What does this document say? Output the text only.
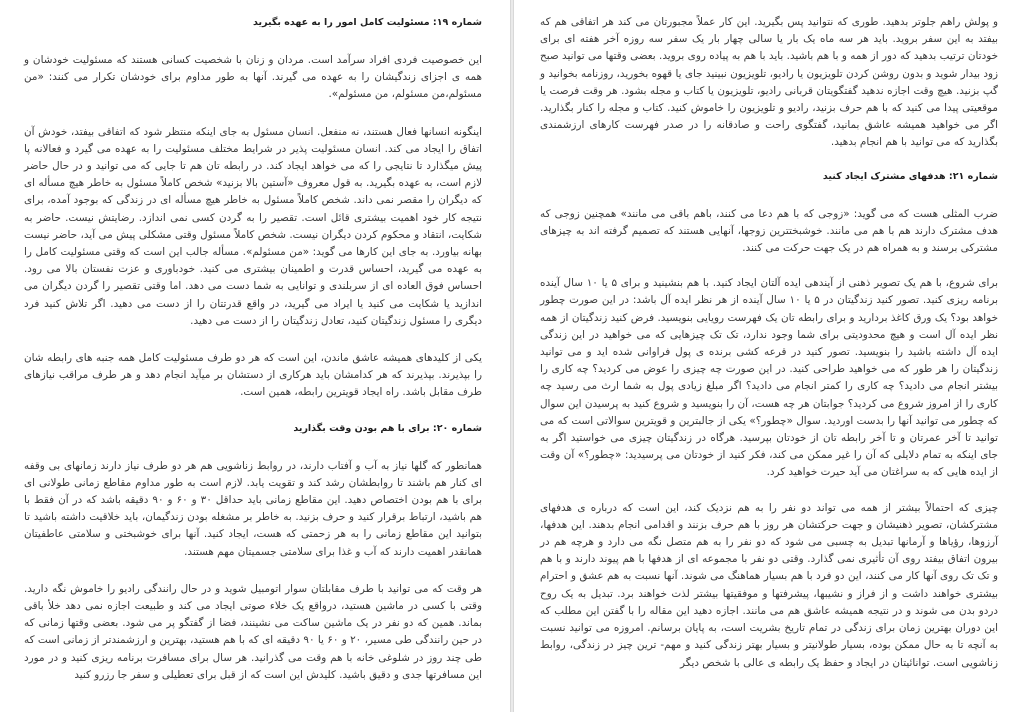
شماره ۱۹: مسئولیت کامل امور را به عهده بگیرید

این خصوصیت فردی افراد سرآمد است. مردان و زنان با شخصیت کسانی هستند که مسئولیت خودشان و همه ی اجزای زندگیشان را به عهده می گیرند. آنها به طور مداوم برای خودشان تکرار می کنند: «من مسئولم،من مسئولم، من مسئولم».

اینگونه انسانها فعال هستند، نه منفعل. انسان مسئول به جای اینکه منتظر شود که اتفاقی بیفتد، خودش آن اتفاق را ایجاد می کند. انسان مسئولیت پذیر در شرایط مختلف مسئولیت را به عهده می گیرد و فعالانه پا پیش میگذارد تا نتایجی را که می خواهد ایجاد کند. در رابطه تان هم تا جایی که می توانید و در حال حاضر لازم است، به عهده بگیرید. به قول معروف «آستین بالا بزنید» شخص کاملاً مسئول به خاطر هیچ مسأله ای که دیگران را مقصر نمی داند. شخص کاملاً مسئول به خاطر هیچ مسأله ای در زندگی که بوجود آمده، برای نتیجه کار خود اهمیت بیشتری قائل است. تقصیر را به گردن کسی نمی اندازد. رضایتش نیست. حاضر به شکایت، انتقاد و محکوم کردن دیگران نیست. شخص کاملاً مسئول وقتی مشکلی پیش می آید، حاضر نیست بهانه بیاورد. به جای این کارها می گوید: «من مسئولم». مسأله جالب این است که وقتی مسئولیت کامل را به عهده می گیرید، احساس قدرت و اطمینان بیشتری می کنید. خودباوری و عزت نفستان بالا می رود. احساس فوق العاده ای از سربلندی و توانایی به شما دست می دهد. اما وقتی تقصیر را گردن دیگران می اندازید یا شکایت می کنید یا ایراد می گیرید، در واقع قدرتتان را از دست می دهید. اگر تلاش کنید فرد دیگری را مسئول زندگیتان کنید، تعادل زندگیتان را از دست می دهید.

یکی از کلیدهای همیشه عاشق ماندن، این است که هر دو طرف مسئولیت کامل همه جنبه های رابطه شان را بپذیرند. بپذیرند که هر کدامشان باید هرکاری از دستشان بر میآید انجام دهد و هر طرف مراقب نیازهای طرف مقابل باشد. راه ایجاد قویترین رابطه، همین است.

شماره ۲۰: برای با هم بودن وقت بگذارید

همانطور که گلها نیاز به آب و آفتاب دارند، در روابط زناشویی هم هر دو طرف نیاز دارند زمانهای بی وقفه ای کنار هم باشند تا روابطشان رشد کند و تقویت یابد. لازم است به طور مداوم مقاطع زمانی طولانی ای برای با هم بودن اختصاص دهید. این مقاطع زمانی باید حداقل ۳۰ و ۶۰ و ۹۰ دقیقه باشد که در آن فقط با هم باشید، ارتباط برقرار کنید و حرف بزنید. به خاطر بر مشغله بودن زندگیمان، باید خلاقیت داشته باشید تا بتوانید این مقاطع زمانی را به هر زحمتی که هست، ایجاد کنید. آنها برای خوشبختی و سلامتی عاطفیتان همانقدر اهمیت دارند که آب و غذا برای سلامتی جسمیتان مهم هستند.

هر وقت که می توانید با طرف مقابلتان سوار اتومبیل شوید و در حال رانندگی رادیو را خاموش نگه دارید. وقتی با کسی در ماشین هستید، درواقع یک خلاء صوتی ایجاد می کند و طبیعت اجازه نمی دهد خلأ باقی بماند. همین که دو نفر در یک ماشین ساکت می نشینند، فضا از گفتگو پر می شود. بعضی وقتها زمانی که در حین رانندگی طی مسیر، ۲۰ و ۶۰ یا ۹۰ دقیقه ای که با هم هستید، بهترین و ارزشمندتر از زمانی است که طی چند روز در شلوغی خانه با هم وقت می گذرانید. هر سال برای مسافرت برنامه ریزی کنید و در مورد این مسافرتها جدی و دقیق باشید. کلیدش این است که از قبل برای تعطیلی و سفر جا رزرو کنید

و پولش راهم جلوتر بدهید. طوری که نتوانید پس بگیرید. این کار عملاً مجبورتان می کند هر اتفاقی هم که بیفتد به این سفر بروید. باید هر سه ماه یک بار یا سالی چهار بار یک سفر سه روزه آخر هفته ای برای خودتان ترتیب بدهید که دور از همه و با هم باشید. باید با هم به پیاده روی بروید. بعضی وقتها می توانید صبح زود بیدار شوید و بدون روشن کردن تلویزیون یا رادیو، تلویزیون نبینید جای یا قهوه بخورید، روزنامه بخوانید و گپ بزنید. هیچ وقت اجازه ندهید گفتگویتان قربانی رادیو، تلویزیون یا کتاب و مجله بشود. هر وقت فرصت یا موقعیتی پیدا می کنید که با هم حرف بزنید، رادیو و تلویزیون را خاموش کنید. کتاب و مجله را کنار بگذارید. اگر می خواهید همیشه عاشق بمانید، گفتگوی راحت و صادقانه را در صدر فهرست کارهای ارزشمندی بگذارید که می توانید با هم انجام بدهید.

شماره ۲۱: هدفهای مشترک ایجاد کنید

ضرب المثلی هست که می گوید: «زوجی که با هم دعا می کنند، باهم باقی می مانند» همچنین زوجی که هدف مشترک دارند هم با هم می مانند. خوشبختترین زوجها، آنهایی هستند که تصمیم گرفته اند به چیزهای مشترکی برسند و به همراه هم در یک جهت حرکت می کنند.

برای شروع، با هم یک تصویر ذهنی از آیندهی ایده آلتان ایجاد کنید. با هم بنشینید و برای ۵ یا ۱۰ سال آینده برنامه ریزی کنید. تصور کنید زندگیتان در ۵ یا ۱۰ سال آینده از هر نظر ایده آل باشد: در این صورت چطور خواهد بود؟ یک ورق کاغذ بردارید و برای رابطه تان یک فهرست رویایی بنویسید. فرض کنید زندگیتان از همه نظر ایده آل است و هیچ محدودیتی برای شما وجود ندارد، تک تک چیزهایی که می خواهید در این زندگی ایده آل داشته باشید را بنویسید. تصور کنید در قرعه کشی برنده ی پول فراوانی شده اید و می توانید زندگیتان را هر طور که می خواهید طراحی کنید. در این صورت چه چیزی را عوض می کردید؟ چه کاری را بیشتر انجام می دادید؟ چه کاری را کمتر انجام می دادید؟ اگر مبلغ زیادی پول به شما ارث می رسید چه کاری را از امروز شروع می کردید؟ جوابتان هر چه هست، آن را بنویسید و شروع کنید به پرسیدن این سوال که چطور می توانید آنها را بدست اوردید. سوال «چطور؟» یکی از جالبترین و قویترین سوالاتی است که می توانید تا آخر عمرتان و تا آخر رابطه تان از خودتان بپرسید. هرگاه در زندگیتان چیزی می خواستید اگر به جای اینکه به تمام دلایلی که آن را غیر ممکن می کند، فکر کنید از خودتان می پرسیدید: «چطور؟» آن وقت از ایده هایی که به سراغتان می آید حیرت خواهید کرد.

چیزی که احتمالاً بیشتر از همه می تواند دو نفر را به هم نزدیک کند، این است که درباره ی هدفهای مشترکشان، تصویر ذهنیشان و جهت حرکتشان هر روز با هم حرف بزنند و اقدامی انجام بدهند. این هدفها، آرزوها، رؤیاها و آرمانها تبدیل به چسبی می شود که دو نفر را به هم متصل نگه می دارد و هرچه هم در بیرون اتفاق بیفتد روی آن تأثیری نمی گذارد. وقتی دو نفر با مجموعه ای از هدفها با هم پیوند دارند و با هم و تک تک روی آنها کار می کنند، این دو فرد با هم بسیار هماهنگ می شوند. آنها نسبت به هم عشق و احترام بیشتری خواهند داشت و از فراز و نشیبها، پیشرفتها و موفقیتها بیشتر لذت خواهند برد. تبدیل به یک روح دردو بدن می شوند و در نتیجه همیشه عاشق هم می مانند. اجازه دهید این مقاله را با گفتن این مطلب که این دوران بهترین زمان برای زندگی در تمام تاریخ بشریت است، به پایان برسانم. امروزه می توانید نسبت به آنچه تا به حال ممکن بوده، بسیار طولانیتر و بسیار بهتر زندگی کنید و مهم- ترین چیز در زندگی، روابط زناشویی است. توانائیتان در ایجاد و حفظ یک رابطه ی عالی با شخص دیگر
